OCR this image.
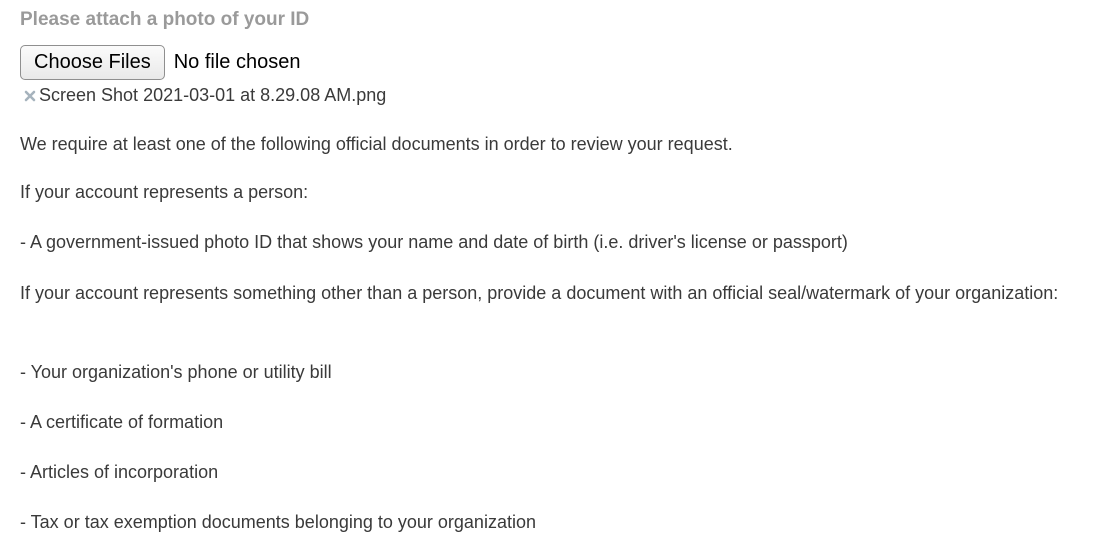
Please attach a photo of your ID
Choose Files	No file chosen
Screen Shot 2021-03-01 at 8.29.08 AM.png

We require at least one of the following official documents in order to review your request.

If your account represents a person:

- A government-issued photo ID that shows your name and date of birth (i.e. driver's license or passport)

If your account represents something other than a person, provide a document with an official seal/watermark of your organization:

- Your organization's phone or utility bill

- A certificate of formation

- Articles of incorporation

- Tax or tax exemption documents belonging to your organization
